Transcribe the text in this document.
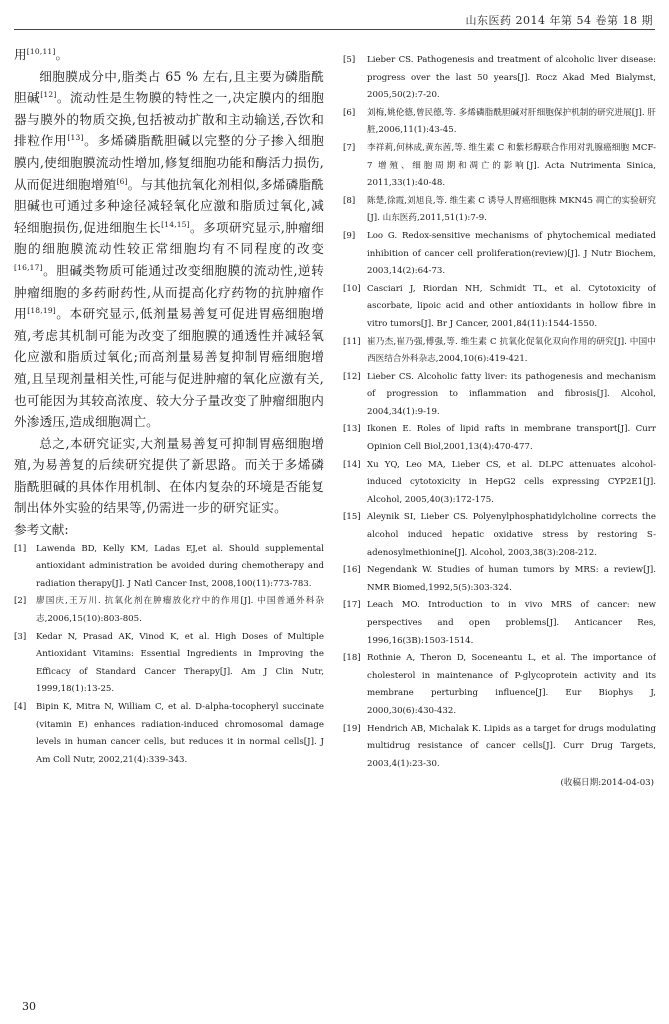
山东医药 2014 年第 54 卷第 18 期

用[10,11]。

细胞膜成分中,脂类占 65 % 左右,且主要为磷脂酰胆碱[12]。流动性是生物膜的特性之一,决定膜内的细胞器与膜外的物质交换,包括被动扩散和主动输送,吞饮和排粒作用[13]。多烯磷脂酰胆碱以完整的分子掺入细胞膜内,使细胞膜流动性增加,修复细胞功能和酶活力损伤,从而促进细胞增殖[6]。与其他抗氧化剂相似,多烯磷脂酰胆碱也可通过多种途径减轻氧化应激和脂质过氧化,减轻细胞损伤,促进细胞生长[14,15]。多项研究显示,肿瘤细胞的细胞膜流动性较正常细胞均有不同程度的改变[16,17]。胆碱类物质可能通过改变细胞膜的流动性,逆转肿瘤细胞的多药耐药性,从而提高化疗药物的抗肿瘤作用[18,19]。本研究显示,低剂量易善复可促进胃癌细胞增殖,考虑其机制可能为改变了细胞膜的通透性并减轻氧化应激和脂质过氧化;而高剂量易善复抑制胃癌细胞增殖,且呈现剂量相关性,可能与促进肿瘤的氧化应激有关,也可能因为其较高浓度、较大分子量改变了肿瘤细胞内外渗透压,造成细胞凋亡。

总之,本研究证实,大剂量易善复可抑制胃癌细胞增殖,为易善复的后续研究提供了新思路。而关于多烯磷脂酰胆碱的具体作用机制、在体内复杂的环境是否能复制出体外实验的结果等,仍需进一步的研究证实。

参考文献:

[1]	Lawenda BD, Kelly KM, Ladas EJ,et al. Should supplemental antioxidant administration be avoided during chemotherapy and radiation therapy[J]. J Natl Cancer Inst, 2008,100(11):773-783.
[2]	廖国庆,王万川. 抗氧化剂在肿瘤放化疗中的作用[J]. 中国普通外科杂志,2006,15(10):803-805.
[3]	Kedar N, Prasad AK, Vinod K, et al. High Doses of Multiple Antioxidant Vitamins: Essential Ingredients in Improving the Efficacy of Standard Cancer Therapy[J]. Am J Clin Nutr, 1999,18(1):13-25.
[4]	Bipin K, Mitra N, William C, et al. D-alpha-tocopheryl succinate (vitamin E) enhances radiation-induced chromosomal damage levels in human cancer cells, but reduces it in normal cells[J]. J Am Coll Nutr, 2002,21(4):339-343.
[5]	Lieber CS. Pathogenesis and treatment of alcoholic liver disease: progress over the last 50 years[J]. Rocz Akad Med Bialymst, 2005,50(2):7-20.
[6]	刘梅,姚伦德,曾民德,等. 多烯磷脂酰胆碱对肝细胞保护机制的研究进展[J]. 肝脏,2006,11(1):43-45.
[7]	李祥莉,何林成,黄东茜,等. 维生素 C 和紫杉醇联合作用对乳腺癌细胞 MCF-7 增殖、细胞周期和凋亡的影响[J]. Acta Nutrimenta Sinica, 2011,33(1):40-48.
[8]	陈楚,徐霞,刘旭良,等. 维生素 C 诱导人胃癌细胞株 MKN45 凋亡的实验研究[J]. 山东医药,2011,51(1):7-9.
[9]	Loo G. Redox-sensitive mechanisms of phytochemical mediated inhibition of cancer cell proliferation(review)[J]. J Nutr Biochem, 2003,14(2):64-73.
[10] Casciari J, Riordan NH, Schmidt TL, et al. Cytotoxicity of ascorbate, lipoic acid and other antioxidants in hollow fibre in vitro tumors[J]. Br J Cancer, 2001,84(11):1544-1550.
[11] 崔乃杰,崔乃强,傅强,等. 维生素 C 抗氧化促氧化双向作用的研究[J]. 中国中西医结合外科杂志,2004,10(6):419-421.
[12] Lieber CS. Alcoholic fatty liver: its pathogenesis and mechanism of progression to inflammation and fibrosis[J]. Alcohol, 2004,34(1):9-19.
[13] Ikonen E. Roles of lipid rafts in membrane transport[J]. Curr Opinion Cell Biol,2001,13(4):470-477.
[14] Xu YQ, Leo MA, Lieber CS, et al. DLPC attenuates alcohol-induced cytotoxicity in HepG2 cells expressing CYP2E1[J]. Alcohol, 2005,40(3):172-175.
[15] Aleynik SI, Lieber CS. Polyenylphosphatidylcholine corrects the alcohol induced hepatic oxidative stress by restoring S-adenosylmethionine[J]. Alcohol, 2003,38(3):208-212.
[16] Negendank W. Studies of human tumors by MRS: a review[J]. NMR Biomed,1992,5(5):303-324.
[17] Leach MO. Introduction to in vivo MRS of cancer: new perspectives and open problems[J]. Anticancer Res, 1996,16(3B):1503-1514.
[18] Rothnie A, Theron D, Soceneantu L, et al. The importance of cholesterol in maintenance of P-glycoprotein activity and its membrane perturbing influence[J]. Eur Biophys J, 2000,30(6):430-432.
[19] Hendrich AB, Michalak K. Lipids as a target for drugs modulating multidrug resistance of cancer cells[J]. Curr Drug Targets, 2003,4(1):23-30.
(收稿日期:2014-04-03)
30
